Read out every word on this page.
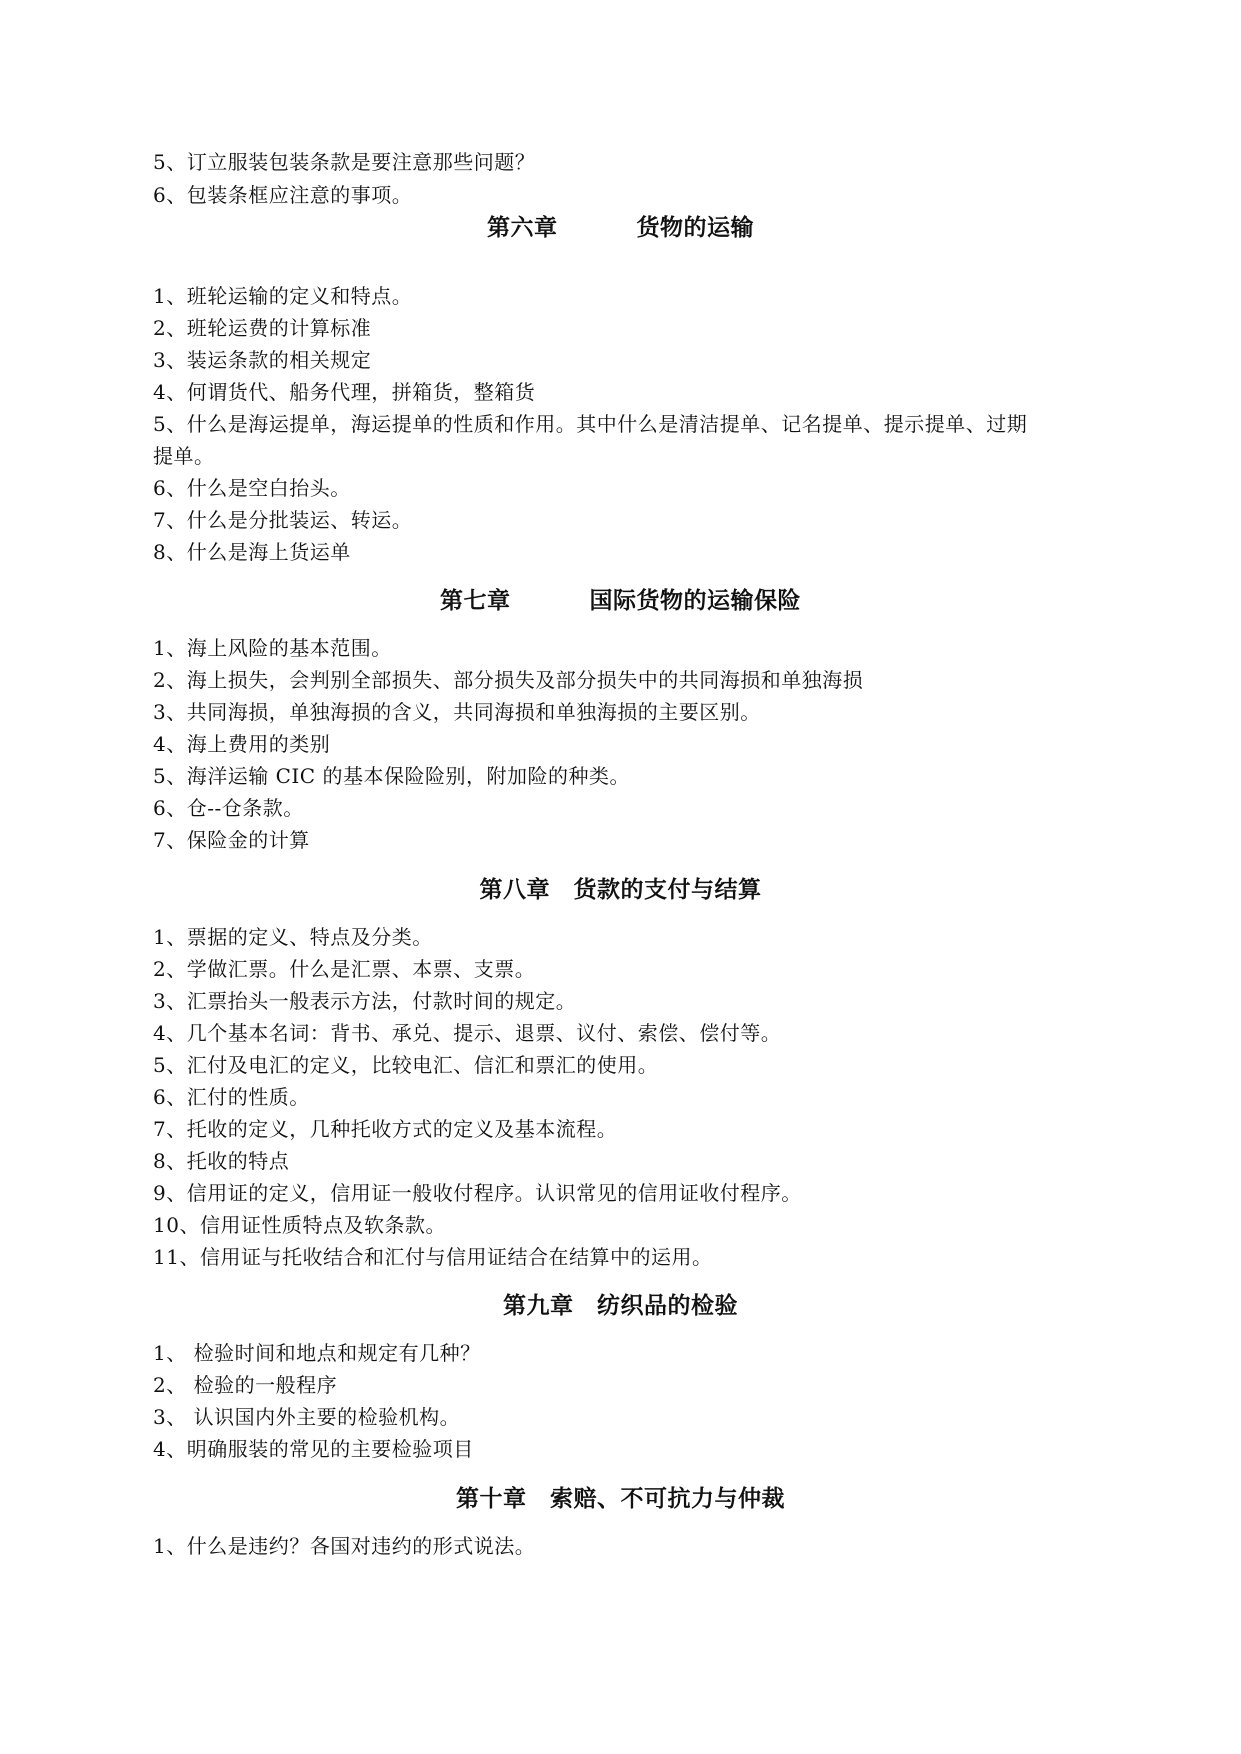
5、订立服装包装条款是要注意那些问题？
6、包装条框应注意的事项。
第六章 　　　货物的运输
1、班轮运输的定义和特点。
2、班轮运费的计算标准
3、装运条款的相关规定
4、何谓货代、船务代理，拼箱货，整箱货
5、什么是海运提单，海运提单的性质和作用。其中什么是清洁提单、记名提单、提示提单、过期
提单。
6、什么是空白抬头。
7、什么是分批装运、转运。
8、什么是海上货运单
第七章 　　　国际货物的运输保险
1、海上风险的基本范围。
2、海上损失，会判别全部损失、部分损失及部分损失中的共同海损和单独海损
3、共同海损，单独海损的含义，共同海损和单独海损的主要区别。
4、海上费用的类别
5、海洋运输 CIC 的基本保险险别，附加险的种类。
6、仓--仓条款。
7、保险金的计算
第八章　货款的支付与结算
1、票据的定义、特点及分类。
2、学做汇票。什么是汇票、本票、支票。
3、汇票抬头一般表示方法，付款时间的规定。
4、几个基本名词：背书、承兑、提示、退票、议付、索偿、偿付等。
5、汇付及电汇的定义，比较电汇、信汇和票汇的使用。
6、汇付的性质。
7、托收的定义，几种托收方式的定义及基本流程。
8、托收的特点
9、信用证的定义，信用证一般收付程序。认识常见的信用证收付程序。
10、信用证性质特点及软条款。
11、信用证与托收结合和汇付与信用证结合在结算中的运用。
第九章　纺织品的检验
1、 检验时间和地点和规定有几种？
2、 检验的一般程序
3、 认识国内外主要的检验机构。
4、明确服装的常见的主要检验项目
第十章　索赔、不可抗力与仲裁
1、什么是违约？各国对违约的形式说法。
